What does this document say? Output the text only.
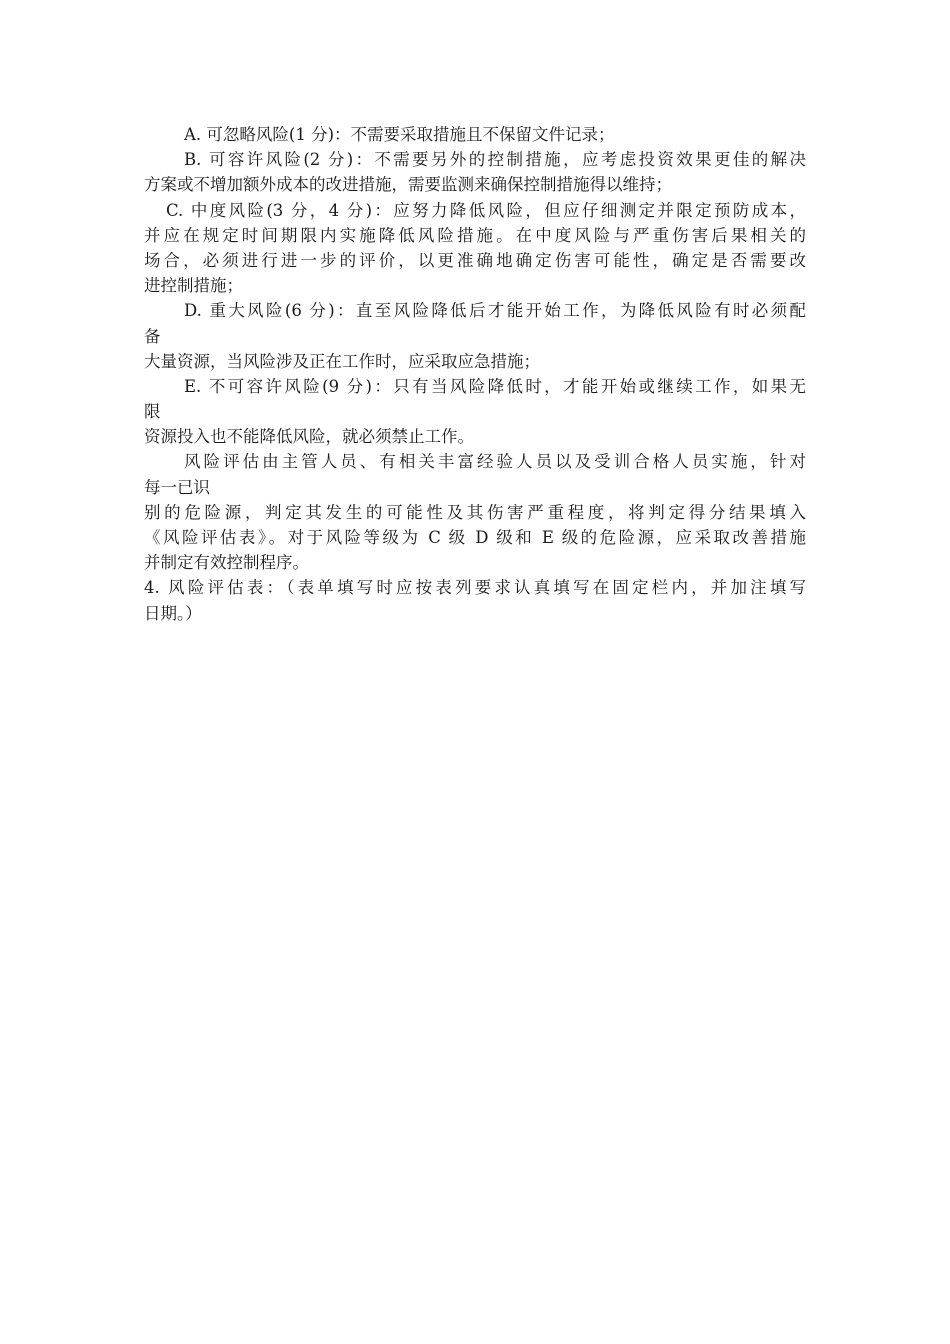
A. 可忽略风险(1 分)：不需要采取措施且不保留文件记录；
B. 可容许风险(2 分)：不需要另外的控制措施，应考虑投资效果更佳的解决
方案或不增加额外成本的改进措施，需要监测来确保控制措施得以维持；
C. 中度风险(3 分，4 分)：应努力降低风险，但应仔细测定并限定预防成本，
并应在规定时间期限内实施降低风险措施。在中度风险与严重伤害后果相关的
场合，必须进行进一步的评价，以更准确地确定伤害可能性，确定是否需要改
进控制措施；
D. 重大风险(6 分)：直至风险降低后才能开始工作，为降低风险有时必须配
备
大量资源，当风险涉及正在工作时，应采取应急措施；
E. 不可容许风险(9 分)：只有当风险降低时，才能开始或继续工作，如果无
限
资源投入也不能降低风险，就必须禁止工作。
风险评估由主管人员、有相关丰富经验人员以及受训合格人员实施，针对
每一已识
别的危险源，判定其发生的可能性及其伤害严重程度，将判定得分结果填入
《风险评估表》。对于风险等级为 C 级 D 级和 E 级的危险源，应采取改善措施
并制定有效控制程序。
4. 风险评估表：（表单填写时应按表列要求认真填写在固定栏内，并加注填写
日期。）
